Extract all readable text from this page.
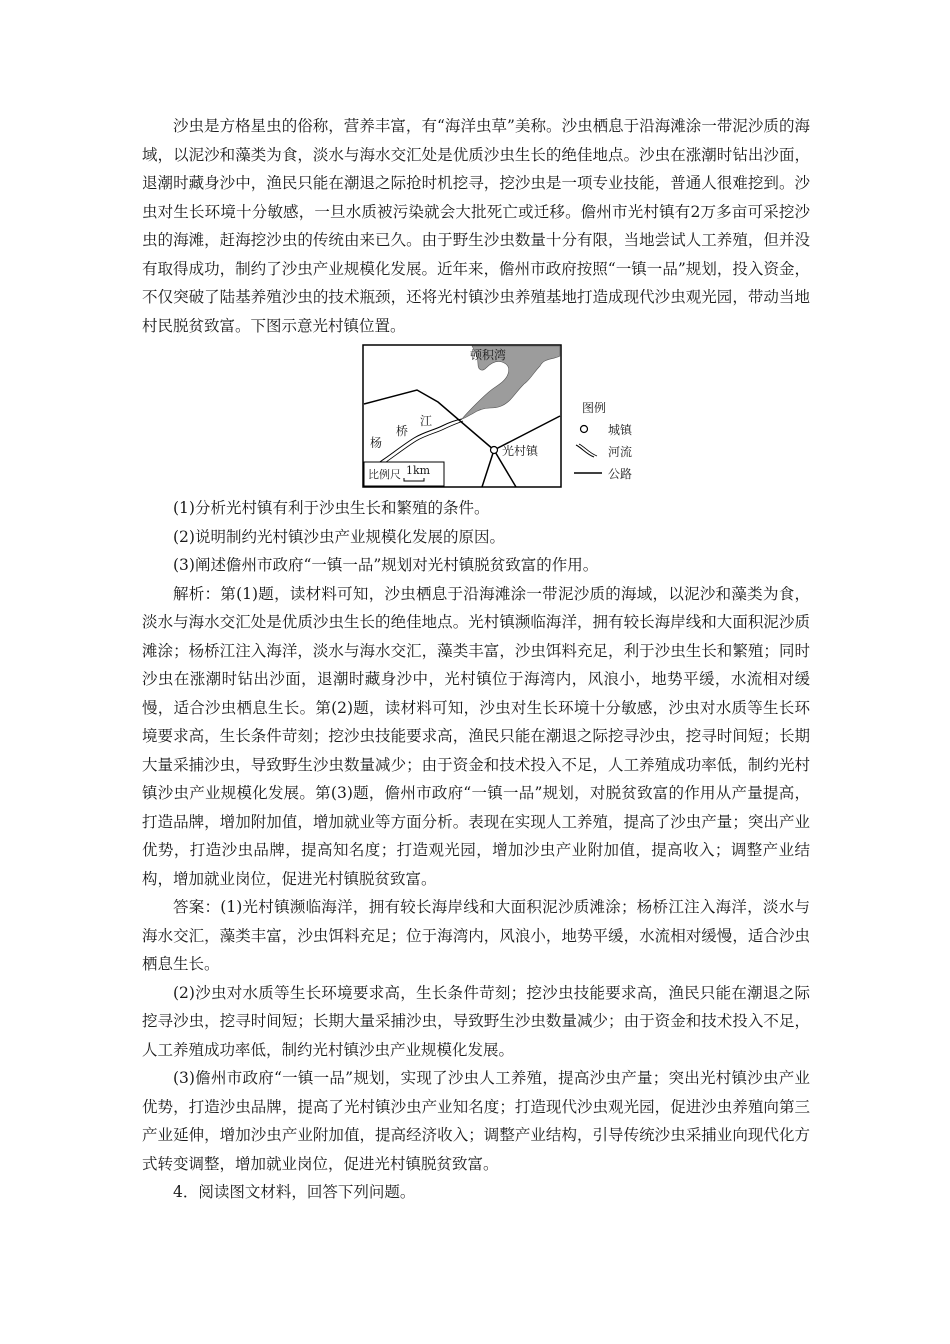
沙虫是方格星虫的俗称，营养丰富，有“海洋虫草”美称。沙虫栖息于沿海滩涂一带泥沙质的海域，以泥沙和藻类为食，淡水与海水交汇处是优质沙虫生长的绝佳地点。沙虫在涨潮时钻出沙面，退潮时藏身沙中，渔民只能在潮退之际抢时机挖寻，挖沙虫是一项专业技能，普通人很难挖到。沙虫对生长环境十分敏感，一旦水质被污染就会大批死亡或迁移。儋州市光村镇有2万多亩可采挖沙虫的海滩，赶海挖沙虫的传统由来已久。由于野生沙虫数量十分有限，当地尝试人工养殖，但并没有取得成功，制约了沙虫产业规模化发展。近年来，儋州市政府按照“一镇一品”规划，投入资金，不仅突破了陆基养殖沙虫的技术瓶颈，还将光村镇沙虫养殖基地打造成现代沙虫观光园，带动当地村民脱贫致富。下图示意光村镇位置。

顿积湾
杨
桥
江
光村镇
比例尺 1km
图例
城镇
河流
公路

(1)分析光村镇有利于沙虫生长和繁殖的条件。

(2)说明制约光村镇沙虫产业规模化发展的原因。

(3)阐述儋州市政府“一镇一品”规划对光村镇脱贫致富的作用。

解析：第(1)题，读材料可知，沙虫栖息于沿海滩涂一带泥沙质的海域，以泥沙和藻类为食，淡水与海水交汇处是优质沙虫生长的绝佳地点。光村镇濒临海洋，拥有较长海岸线和大面积泥沙质滩涂；杨桥江注入海洋，淡水与海水交汇，藻类丰富，沙虫饵料充足，利于沙虫生长和繁殖；同时沙虫在涨潮时钻出沙面，退潮时藏身沙中，光村镇位于海湾内，风浪小，地势平缓，水流相对缓慢，适合沙虫栖息生长。第(2)题，读材料可知，沙虫对生长环境十分敏感，沙虫对水质等生长环境要求高，生长条件苛刻；挖沙虫技能要求高，渔民只能在潮退之际挖寻沙虫，挖寻时间短；长期大量采捕沙虫，导致野生沙虫数量减少；由于资金和技术投入不足，人工养殖成功率低，制约光村镇沙虫产业规模化发展。第(3)题，儋州市政府“一镇一品”规划，对脱贫致富的作用从产量提高，打造品牌，增加附加值，增加就业等方面分析。表现在实现人工养殖，提高了沙虫产量；突出产业优势，打造沙虫品牌，提高知名度；打造观光园，增加沙虫产业附加值，提高收入；调整产业结构，增加就业岗位，促进光村镇脱贫致富。

答案：(1)光村镇濒临海洋，拥有较长海岸线和大面积泥沙质滩涂；杨桥江注入海洋，淡水与海水交汇，藻类丰富，沙虫饵料充足；位于海湾内，风浪小，地势平缓，水流相对缓慢，适合沙虫栖息生长。

(2)沙虫对水质等生长环境要求高，生长条件苛刻；挖沙虫技能要求高，渔民只能在潮退之际挖寻沙虫，挖寻时间短；长期大量采捕沙虫，导致野生沙虫数量减少；由于资金和技术投入不足，人工养殖成功率低，制约光村镇沙虫产业规模化发展。

(3)儋州市政府“一镇一品”规划，实现了沙虫人工养殖，提高沙虫产量；突出光村镇沙虫产业优势，打造沙虫品牌，提高了光村镇沙虫产业知名度；打造现代沙虫观光园，促进沙虫养殖向第三产业延伸，增加沙虫产业附加值，提高经济收入；调整产业结构，引导传统沙虫采捕业向现代化方式转变调整，增加就业岗位，促进光村镇脱贫致富。

4．阅读图文材料，回答下列问题。
